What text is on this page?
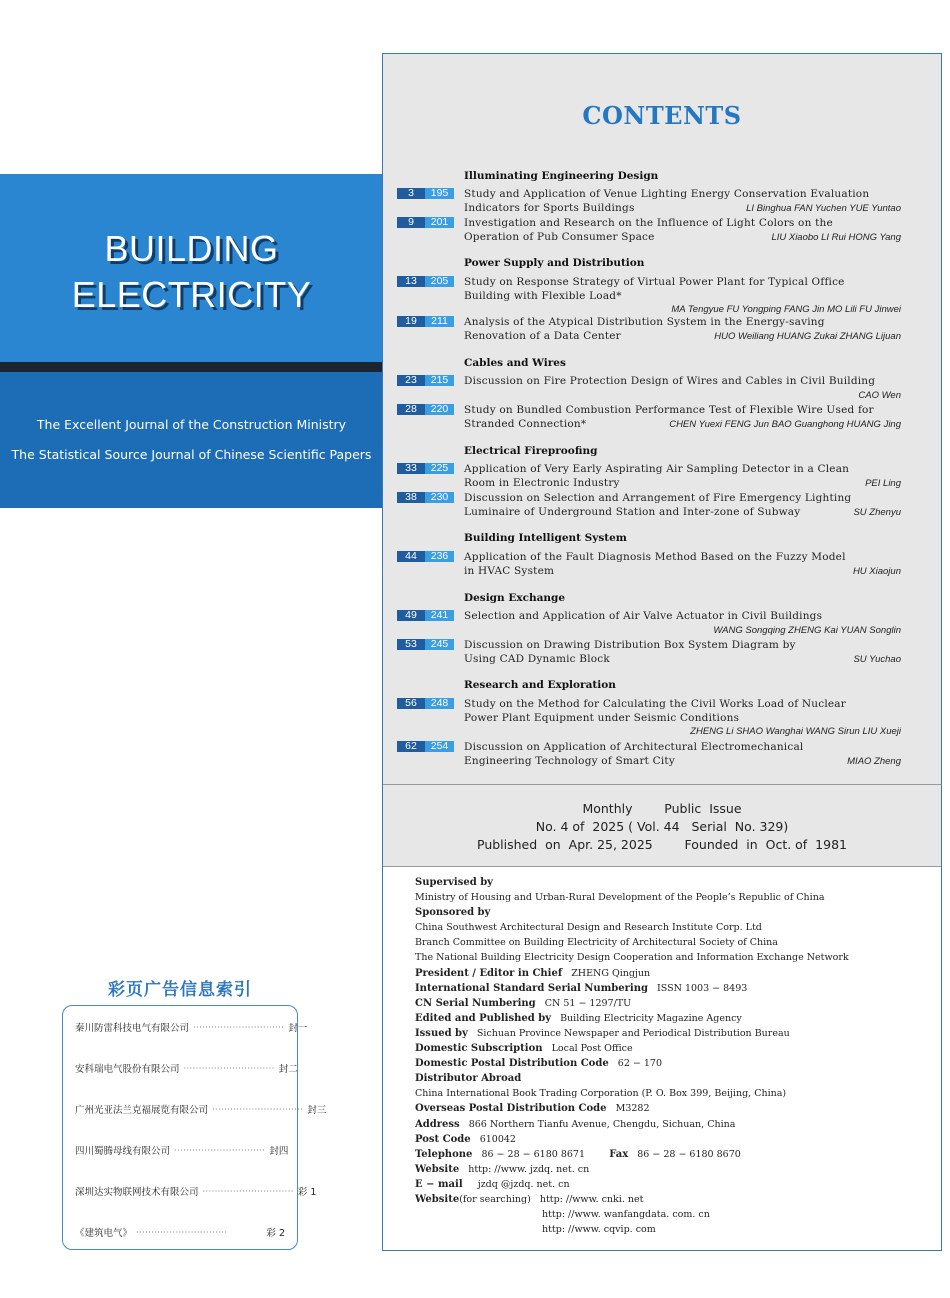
BUILDING
ELECTRICITY
The Excellent Journal of the Construction Ministry
The Statistical Source Journal of Chinese Scientific Papers
彩页广告信息索引
秦川防雷科技电气有限公司 ······························ 封一
安科瑞电气股份有限公司 ······························ 封二
广州光亚法兰克福展览有限公司 ······························ 封三
四川蜀腾母线有限公司 ······························ 封四
深圳达实物联网技术有限公司 ······························ 彩 1
《建筑电气》 ······························	彩 2
CONTENTS
Illuminating Engineering Design
3	195	Study and Application of Venue Lighting Energy Conservation Evaluation
Indicators for Sports Buildings	LI Binghua FAN Yuchen YUE Yuntao
9	201	Investigation and Research on the Influence of Light Colors on the
Operation of Pub Consumer Space	LIU Xiaobo LI Rui HONG Yang
Power Supply and Distribution
13	205	Study on Response Strategy of Virtual Power Plant for Typical Office
Building with Flexible Load*
MA Tengyue FU Yongping FANG Jin MO Lili FU Jinwei
19	211	Analysis of the Atypical Distribution System in the Energy-saving
Renovation of a Data Center	HUO Weiliang HUANG Zukai ZHANG Lijuan
Cables and Wires
23	215	Discussion on Fire Protection Design of Wires and Cables in Civil Building
CAO Wen
28	220	Study on Bundled Combustion Performance Test of Flexible Wire Used for
Stranded Connection*	CHEN Yuexi FENG Jun BAO Guanghong HUANG Jing
Electrical Fireproofing
33	225	Application of Very Early Aspirating Air Sampling Detector in a Clean
Room in Electronic Industry	PEI Ling
38	230	Discussion on Selection and Arrangement of Fire Emergency Lighting
Luminaire of Underground Station and Inter-zone of Subway	SU Zhenyu
Building Intelligent System
44	236	Application of the Fault Diagnosis Method Based on the Fuzzy Model
in HVAC System	HU Xiaojun
Design Exchange
49	241	Selection and Application of Air Valve Actuator in Civil Buildings
WANG Songqing ZHENG Kai YUAN Songlin
53	245	Discussion on Drawing Distribution Box System Diagram by
Using CAD Dynamic Block	SU Yuchao
Research and Exploration
56	248	Study on the Method for Calculating the Civil Works Load of Nuclear
Power Plant Equipment under Seismic Conditions
ZHENG Li SHAO Wanghai WANG Sirun LIU Xueji
62	254	Discussion on Application of Architectural Electromechanical
Engineering Technology of Smart City	MIAO Zheng
Monthly        Public  Issue
No. 4 of  2025 ( Vol. 44   Serial  No. 329)
Published  on  Apr. 25, 2025        Founded  in  Oct. of  1981
Supervised by
Ministry of Housing and Urban-Rural Development of the People’s Republic of China
Sponsored by
China Southwest Architectural Design and Research Institute Corp. Ltd
Branch Committee on Building Electricity of Architectural Society of China
The National Building Electricity Design Cooperation and Information Exchange Network
President / Editor in Chief ZHENG Qingjun
International Standard Serial Numbering ISSN 1003 − 8493
CN Serial Numbering CN 51 − 1297/TU
Edited and Published by Building Electricity Magazine Agency
Issued by Sichuan Province Newspaper and Periodical Distribution Bureau
Domestic Subscription Local Post Office
Domestic Postal Distribution Code 62 − 170
Distributor Abroad
China International Book Trading Corporation (P. O. Box 399, Beijing, China)
Overseas Postal Distribution Code M3282
Address 866 Northern Tianfu Avenue, Chengdu, Sichuan, China
Post Code 610042
Telephone 86 − 28 − 6180 8671 Fax 86 − 28 − 6180 8670
Website http: //www. jzdq. net. cn
E − mail jzdq @jzdq. net. cn
Website(for searching) http: //www. cnki. net
http: //www. wanfangdata. com. cn
http: //www. cqvip. com
